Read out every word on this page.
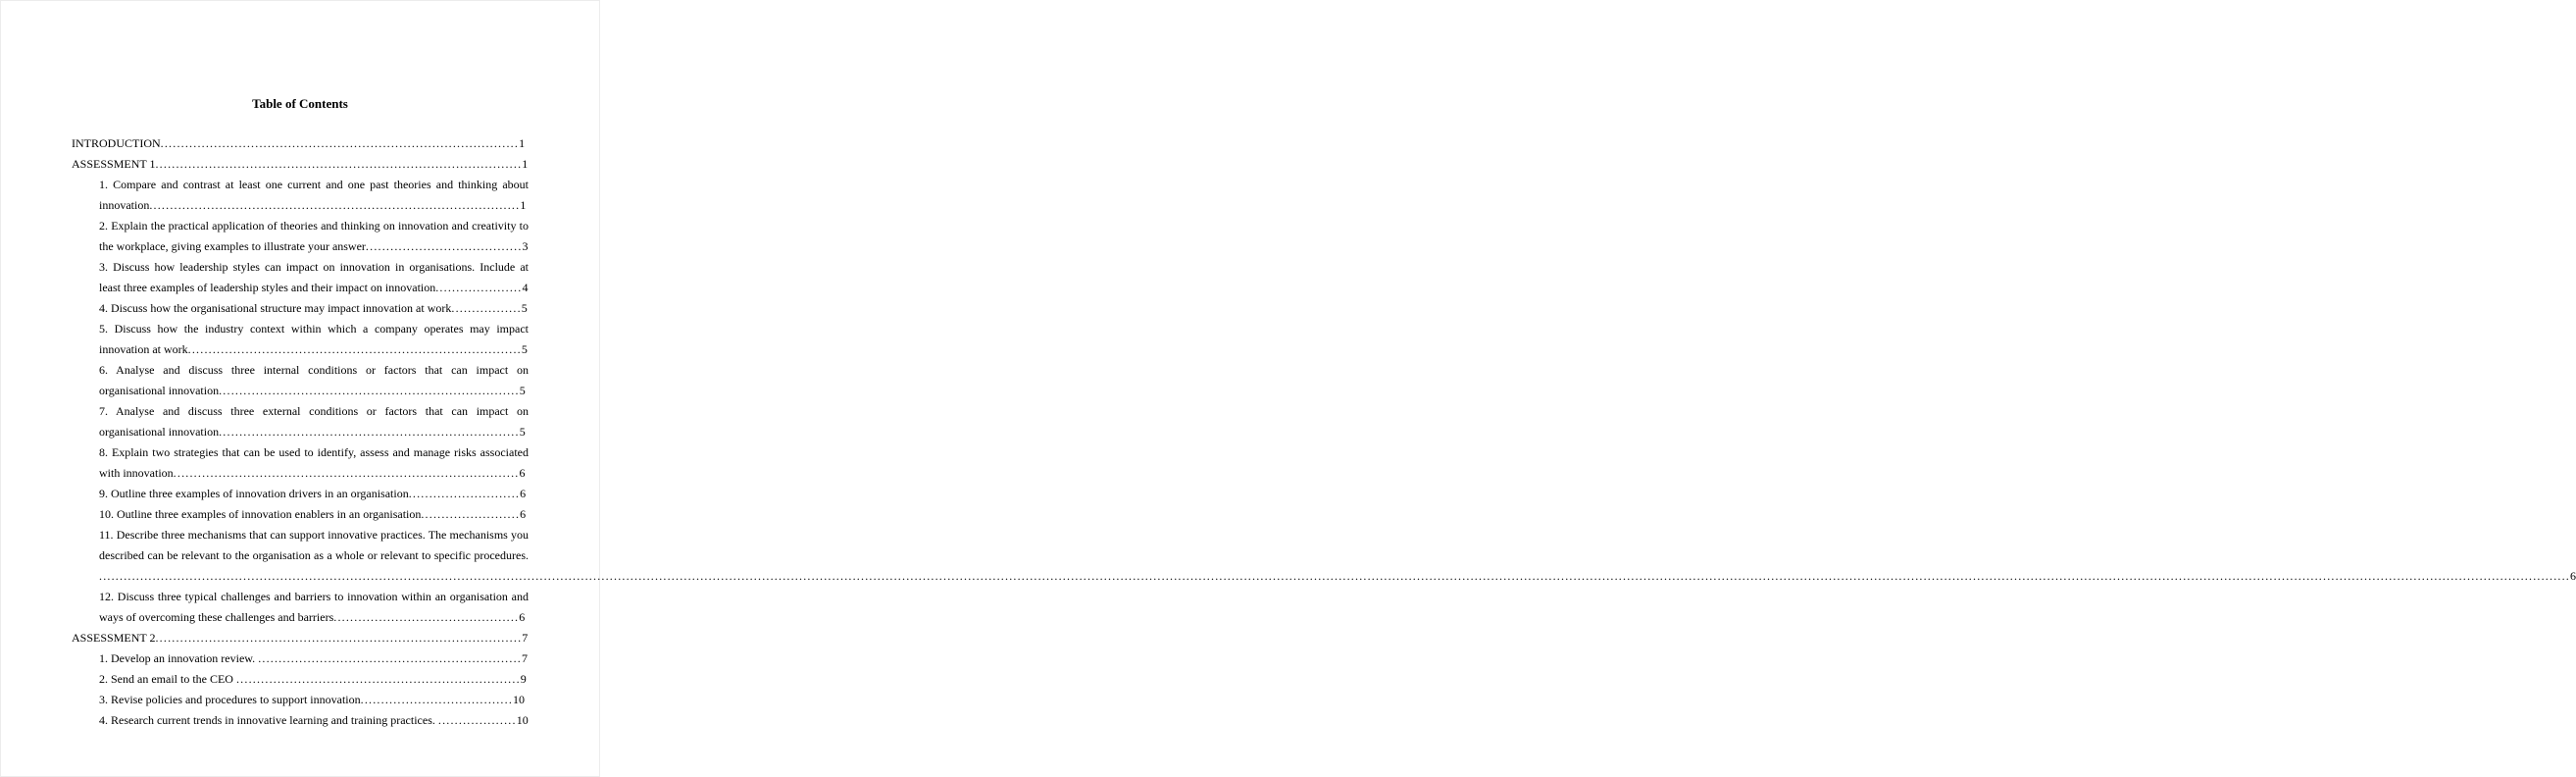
Table of Contents

INTRODUCTION.......................................................................................1

ASSESSMENT 1.........................................................................................1

1. Compare and contrast at least one current and one past theories and thinking about innovation..........................................................................................1

2. Explain the practical application of theories and thinking on innovation and creativity to the workplace, giving examples to illustrate your answer......................................3

3. Discuss how leadership styles can impact on innovation in organisations. Include at least three examples of leadership styles and their impact on innovation.....................4

4. Discuss how the organisational structure may impact innovation at work.................5

5. Discuss how the industry context within which a company operates may impact innovation at work.................................................................................5

6. Analyse and discuss three internal conditions or factors that can impact on organisational innovation.........................................................................5

7. Analyse and discuss three external conditions or factors that can impact on organisational innovation.........................................................................5

8. Explain two strategies that can be used to identify, assess and manage risks associated with innovation....................................................................................6

9. Outline three examples of innovation drivers in an organisation...........................6

10. Outline three examples of innovation enablers in an organisation........................6

11. Describe three mechanisms that can support innovative practices. The mechanisms you described can be relevant to the organisation as a whole or relevant to specific procedures.........................................................................................................................................................................................................................................................................................................................................................................................................................................................................................................................................................................................................................6

12. Discuss three typical challenges and barriers to innovation within an organisation and ways of overcoming these challenges and barriers.............................................6

ASSESSMENT 2.........................................................................................7

1. Develop an innovation review. ................................................................7

2. Send an email to the CEO .....................................................................9

3. Revise policies and procedures to support innovation.....................................10

4. Research current trends in innovative learning and training practices. ...................10
